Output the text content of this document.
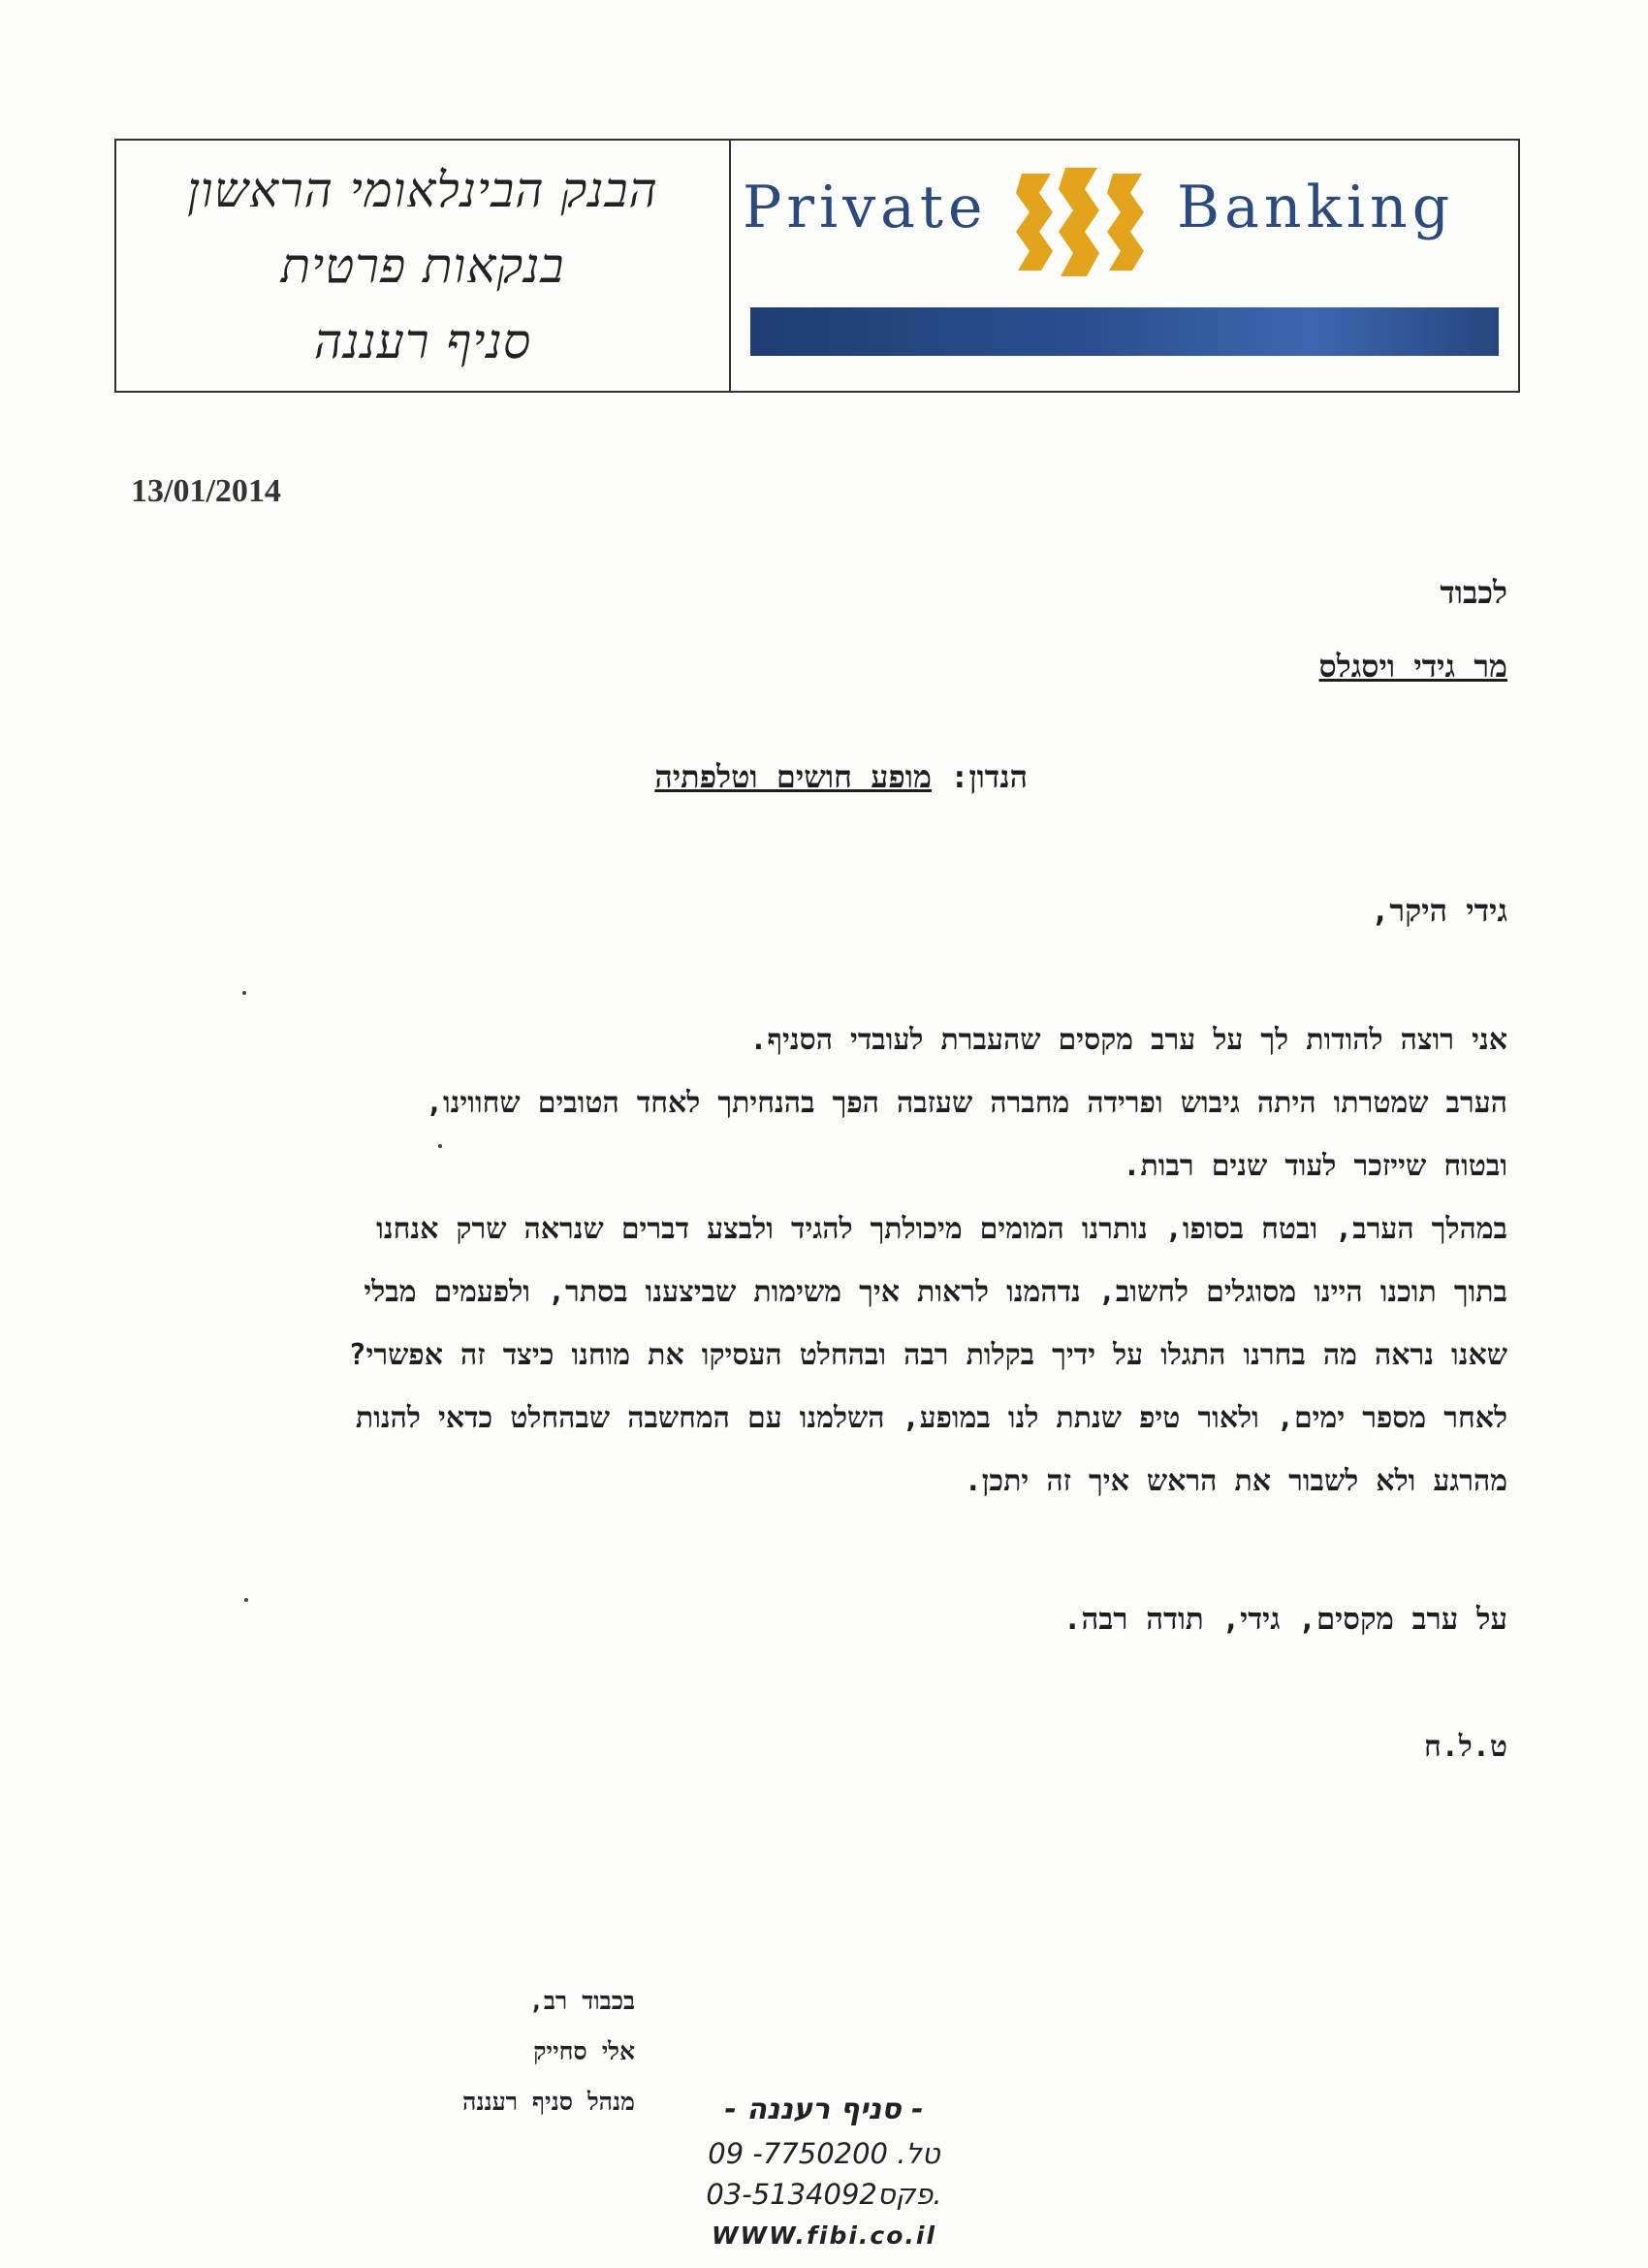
הבנק הבינלאומי הראשון
בנקאות פרטית
סניף רעננה
Private	Banking
13/01/2014
לכבוד
מר גידי ויסגלס
הנדון: מופע חושים וטלפתיה
גידי היקר,

אני רוצה להודות לך על ערב מקסים שהעברת לעובדי הסניף.

הערב שמטרתו היתה גיבוש ופרידה מחברה שעזבה הפך בהנחיתך לאחד הטובים שחווינו,

ובטוח שייזכר לעוד שנים רבות.

במהלך הערב, ובטח בסופו, נותרנו המומים מיכולתך להגיד ולבצע דברים שנראה שרק אנחנו

בתוך תוכנו היינו מסוגלים לחשוב, נדהמנו לראות איך משימות שביצענו בסתר, ולפעמים מבלי

שאנו נראה מה בחרנו התגלו על ידיך בקלות רבה ובהחלט העסיקו את מוחנו כיצד זה אפשרי?

לאחר מספר ימים, ולאור טיפ שנתת לנו במופע, השלמנו עם המחשבה שבהחלט כדאי להנות

מהרגע ולא לשבור את הראש איך זה יתכן.

על ערב מקסים, גידי, תודה רבה.
ט.ל.ח
בכבוד רב,
אלי סחייק
מנהל סניף רעננה	- סניף רעננה -
טל. 7750200- 09
פקס03-5134092.
WWW.fibi.co.il
